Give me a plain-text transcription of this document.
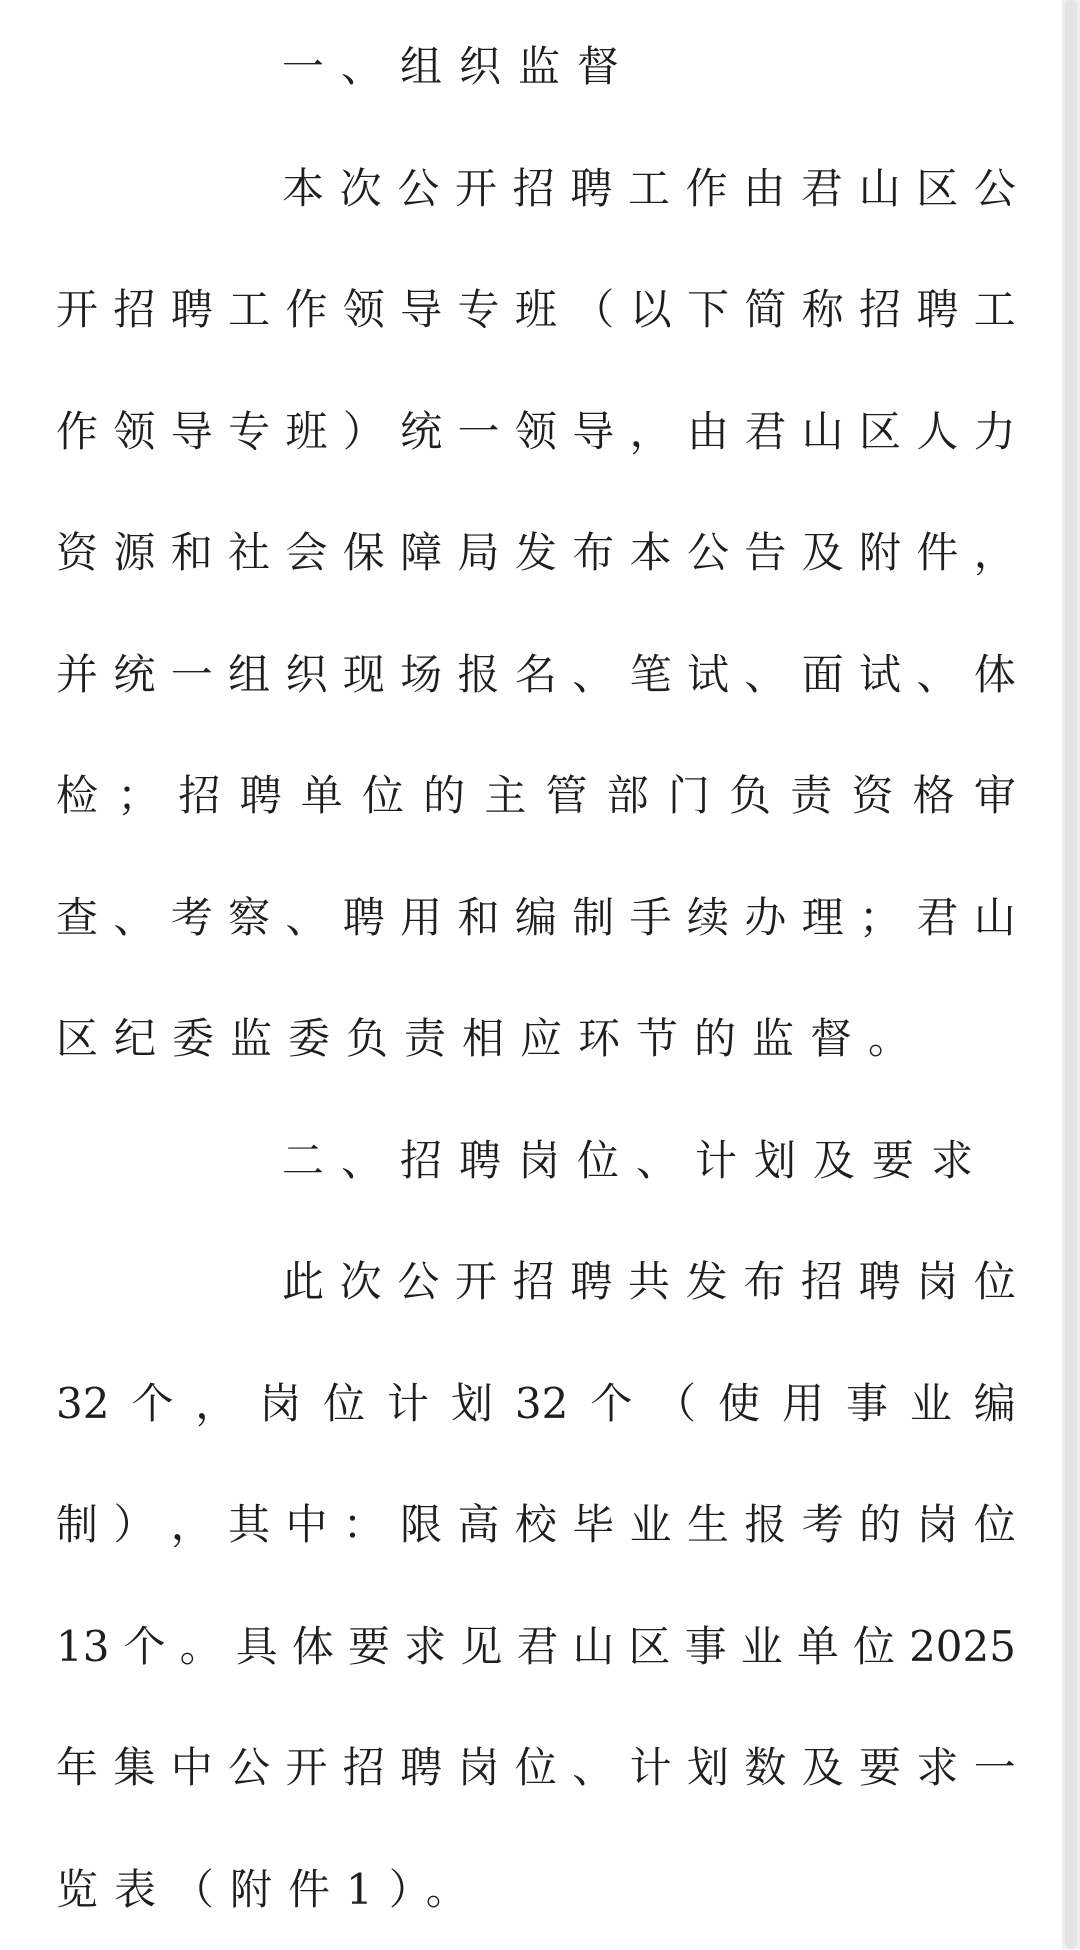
一、组织监督
本 次 公 开 招 聘 工 作 由 君 山 区 公
开 招 聘 工 作 领 导 专 班 （ 以 下 简 称 招 聘 工
作 领 导 专 班 ） 统 一 领 导 ， 由 君 山 区 人 力
资 源 和 社 会 保 障 局 发 布 本 公 告 及 附 件 ，
并 统 一 组 织 现 场 报 名 、 笔 试 、 面 试 、 体
检 ； 招 聘 单 位 的 主 管 部 门 负 责 资 格 审
查 、 考 察 、 聘 用 和 编 制 手 续 办 理 ； 君 山
区纪委监委负责相应环节的监督。
二、招聘岗位、计划及要求
此 次 公 开 招 聘 共 发 布 招 聘 岗 位
32 个 ， 岗 位 计 划 32 个 （ 使 用 事 业 编
制 ） ， 其 中 ： 限 高 校 毕 业 生 报 考 的 岗 位
13 个 。 具 体 要 求 见 君 山 区 事 业 单 位 2025
年 集 中 公 开 招 聘 岗 位 、 计 划 数 及 要 求 一
览表（附件1）。
